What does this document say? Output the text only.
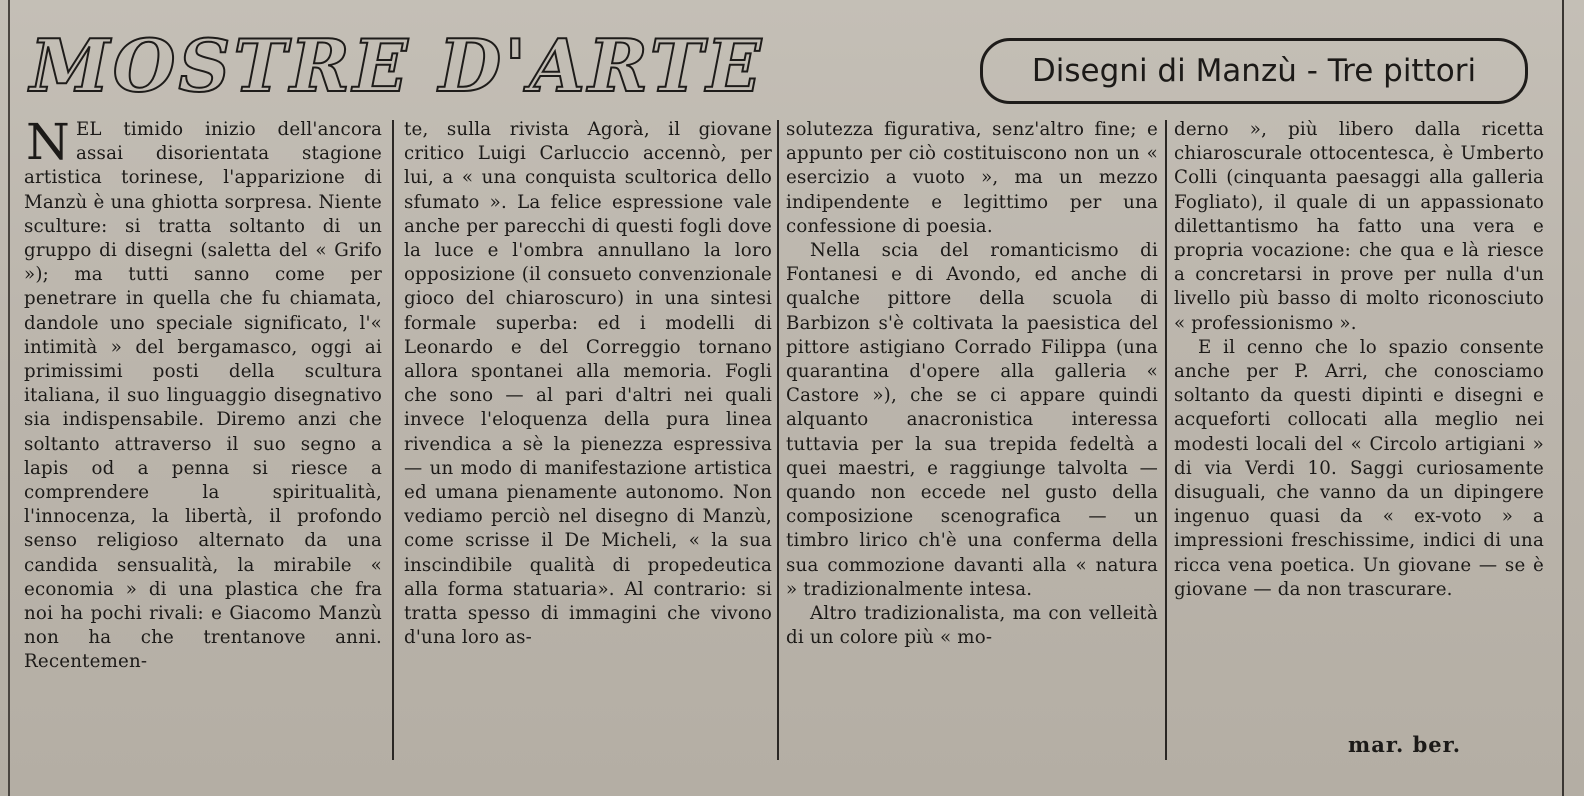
MOSTRE D'ARTE	Disegni di Manzù - Tre pittori

NEL timido inizio dell'ancora assai disorientata stagione artistica torinese, l'apparizione di Manzù è una ghiotta sorpresa. Niente sculture: si tratta soltanto di un gruppo di disegni (saletta del « Grifo »); ma tutti sanno come per penetrare in quella che fu chiamata, dandole uno speciale significato, l'« intimità » del bergamasco, oggi ai primissimi posti della scultura italiana, il suo linguaggio disegnativo sia indispensabile. Diremo anzi che soltanto attraverso il suo segno a lapis od a penna si riesce a comprendere la spiritualità, l'innocenza, la libertà, il profondo senso religioso alternato da una candida sensualità, la mirabile « economia » di una plastica che fra noi ha pochi rivali: e Giacomo Manzù non ha che trentanove anni. Recentemen-

te, sulla rivista Agorà, il giovane critico Luigi Carluccio accennò, per lui, a « una conquista scultorica dello sfumato ». La felice espressione vale anche per parecchi di questi fogli dove la luce e l'ombra annullano la loro opposizione (il consueto convenzionale gioco del chiaroscuro) in una sintesi formale superba: ed i modelli di Leonardo e del Correggio tornano allora spontanei alla memoria. Fogli che sono — al pari d'altri nei quali invece l'eloquenza della pura linea rivendica a sè la pienezza espressiva — un modo di manifestazione artistica ed umana pienamente autonomo. Non vediamo perciò nel disegno di Manzù, come scrisse il De Micheli, « la sua inscindibile qualità di propedeutica alla forma statuaria». Al contrario: si tratta spesso di immagini che vivono d'una loro as-

solutezza figurativa, senz'altro fine; e appunto per ciò costituiscono non un « esercizio a vuoto », ma un mezzo indipendente e legittimo per una confessione di poesia.

Nella scia del romanticismo di Fontanesi e di Avondo, ed anche di qualche pittore della scuola di Barbizon s'è coltivata la paesistica del pittore astigiano Corrado Filippa (una quarantina d'opere alla galleria « Castore »), che se ci appare quindi alquanto anacronistica interessa tuttavia per la sua trepida fedeltà a quei maestri, e raggiunge talvolta — quando non eccede nel gusto della composizione scenografica — un timbro lirico ch'è una conferma della sua commozione davanti alla « natura » tradizionalmente intesa.

Altro tradizionalista, ma con velleità di un colore più « mo-

derno », più libero dalla ricetta chiaroscurale ottocentesca, è Umberto Colli (cinquanta paesaggi alla galleria Fogliato), il quale di un appassionato dilettantismo ha fatto una vera e propria vocazione: che qua e là riesce a concretarsi in prove per nulla d'un livello più basso di molto riconosciuto « professionismo ».

E il cenno che lo spazio consente anche per P. Arri, che conosciamo soltanto da questi dipinti e disegni e acqueforti collocati alla meglio nei modesti locali del « Circolo artigiani » di via Verdi 10. Saggi curiosamente disuguali, che vanno da un dipingere ingenuo quasi da « ex-voto » a impressioni freschissime, indici di una ricca vena poetica. Un giovane — se è giovane — da non trascurare.

mar. ber.
